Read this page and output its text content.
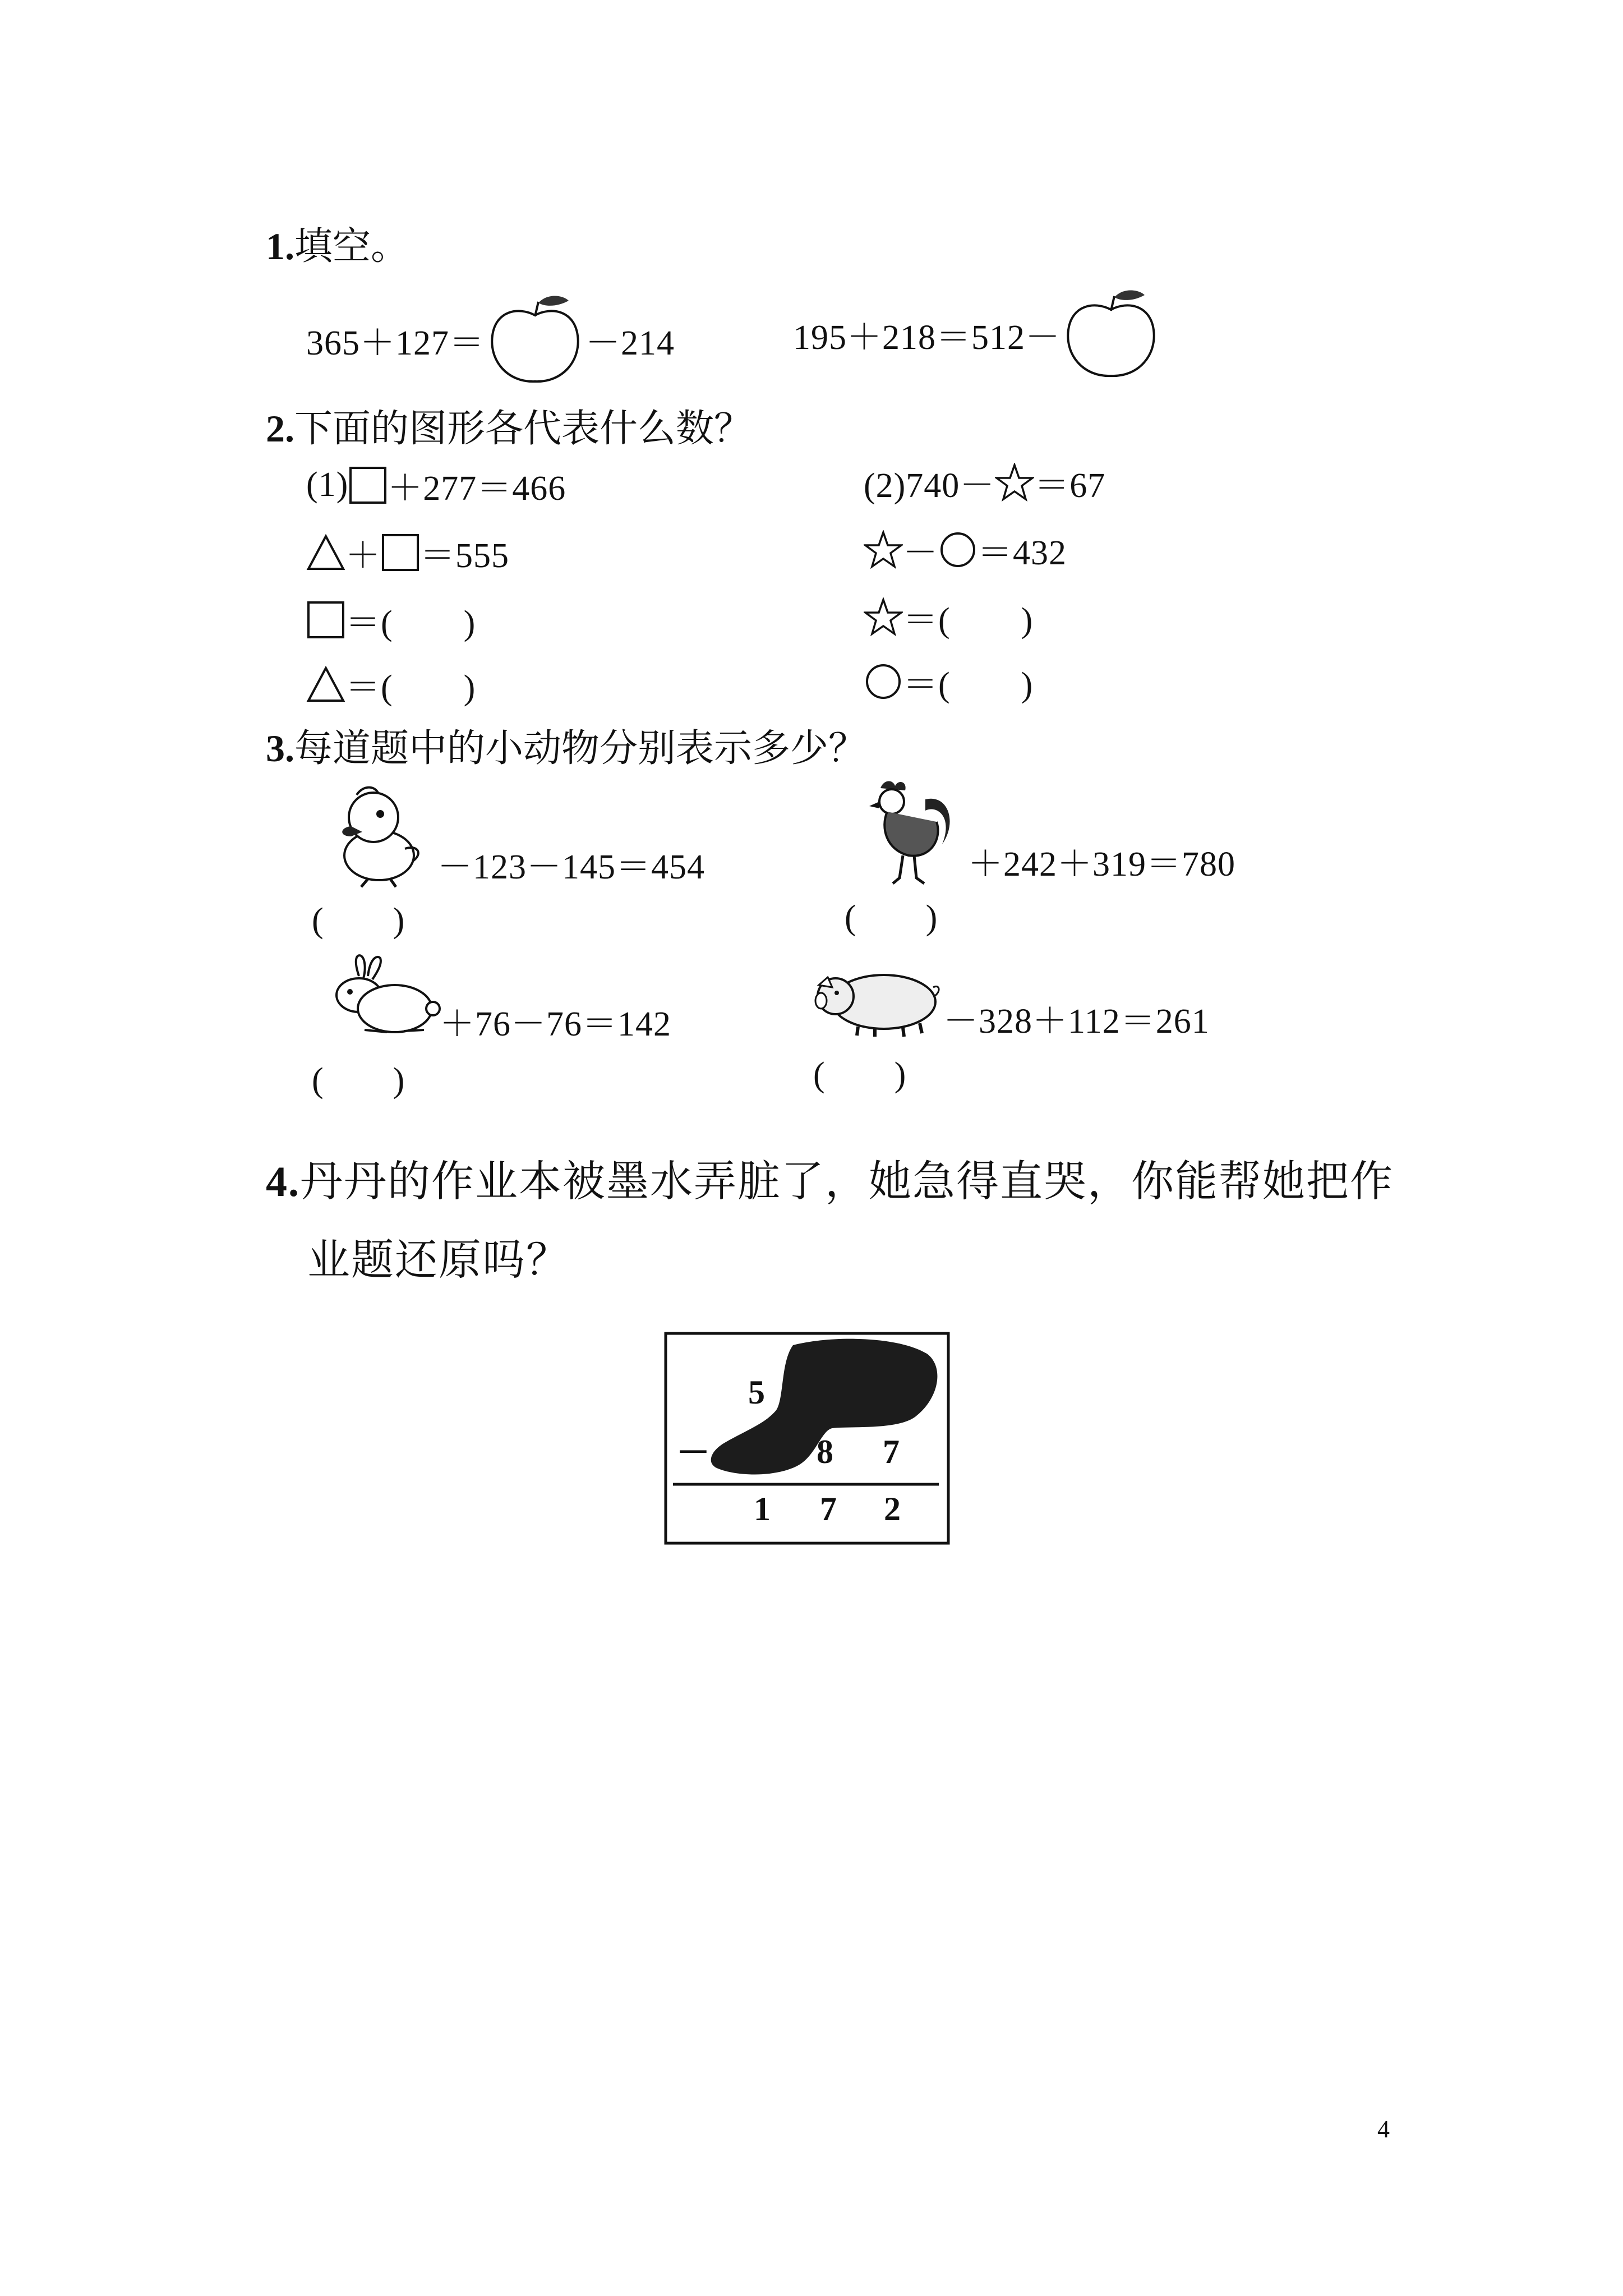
1.填空。
365＋127＝	－214	195＋218＝512－
2.下面的图形各代表什么数？
(1) ＋277＝466
＋ ＝555
＝(　　)
＝(　　)
(2)740－ ＝67
－ ＝432
＝(　　)
＝(　　)
3.每道题中的小动物分别表示多少？
－123－145＝454
(　　)
＋242＋319＝780
(　　)
＋76－76＝142
(　　)
－328＋112＝261
(　　)
4.丹丹的作业本被墨水弄脏了，她急得直哭，你能帮她把作
业题还原吗？
5
－	8 7
1 7 2
4
